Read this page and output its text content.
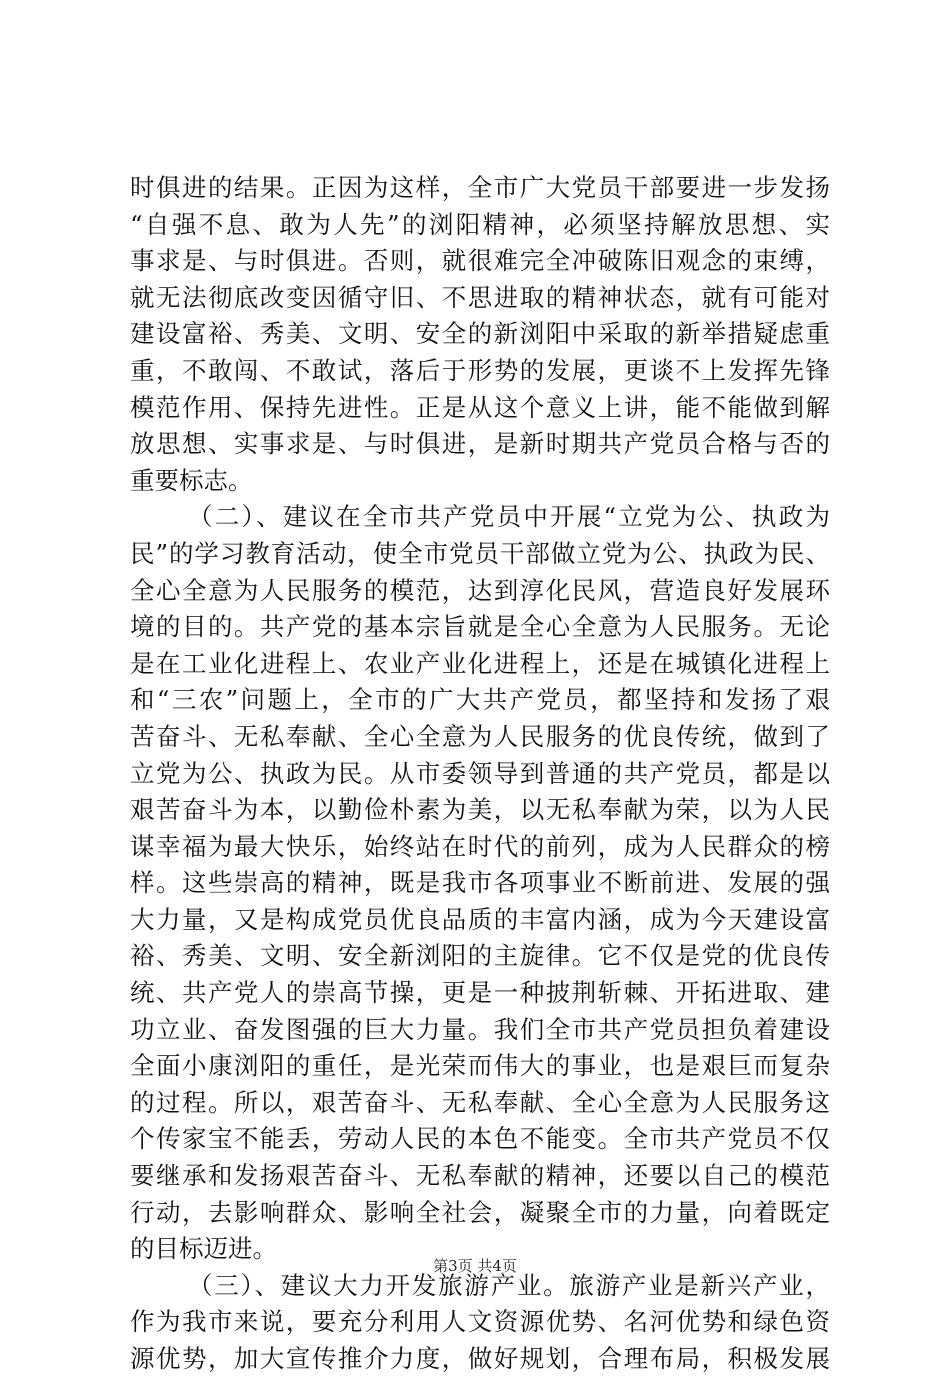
时俱进的结果。正因为这样，全市广大党员干部要进一步发扬
“自强不息、敢为人先”的浏阳精神，必须坚持解放思想、实
事求是、与时俱进。否则，就很难完全冲破陈旧观念的束缚，
就无法彻底改变因循守旧、不思进取的精神状态，就有可能对
建设富裕、秀美、文明、安全的新浏阳中采取的新举措疑虑重
重，不敢闯、不敢试，落后于形势的发展，更谈不上发挥先锋
模范作用、保持先进性。正是从这个意义上讲，能不能做到解
放思想、实事求是、与时俱进，是新时期共产党员合格与否的
重要标志。
（二）、建议在全市共产党员中开展“立党为公、执政为
民”的学习教育活动，使全市党员干部做立党为公、执政为民、
全心全意为人民服务的模范，达到淳化民风，营造良好发展环
境的目的。共产党的基本宗旨就是全心全意为人民服务。无论
是在工业化进程上、农业产业化进程上，还是在城镇化进程上
和“三农”问题上，全市的广大共产党员，都坚持和发扬了艰
苦奋斗、无私奉献、全心全意为人民服务的优良传统，做到了
立党为公、执政为民。从市委领导到普通的共产党员，都是以
艰苦奋斗为本，以勤俭朴素为美，以无私奉献为荣，以为人民
谋幸福为最大快乐，始终站在时代的前列，成为人民群众的榜
样。这些崇高的精神，既是我市各项事业不断前进、发展的强
大力量，又是构成党员优良品质的丰富内涵，成为今天建设富
裕、秀美、文明、安全新浏阳的主旋律。它不仅是党的优良传
统、共产党人的崇高节操，更是一种披荆斩棘、开拓进取、建
功立业、奋发图强的巨大力量。我们全市共产党员担负着建设
全面小康浏阳的重任，是光荣而伟大的事业，也是艰巨而复杂
的过程。所以，艰苦奋斗、无私奉献、全心全意为人民服务这
个传家宝不能丢，劳动人民的本色不能变。全市共产党员不仅
要继承和发扬艰苦奋斗、无私奉献的精神，还要以自己的模范
行动，去影响群众、影响全社会，凝聚全市的力量，向着既定
的目标迈进。
（三）、建议大力开发旅游产业。旅游产业是新兴产业，
作为我市来说，要充分利用人文资源优势、名河优势和绿色资
源优势，加大宣传推介力度，做好规划，合理布局，积极发展
第3页 共4页
